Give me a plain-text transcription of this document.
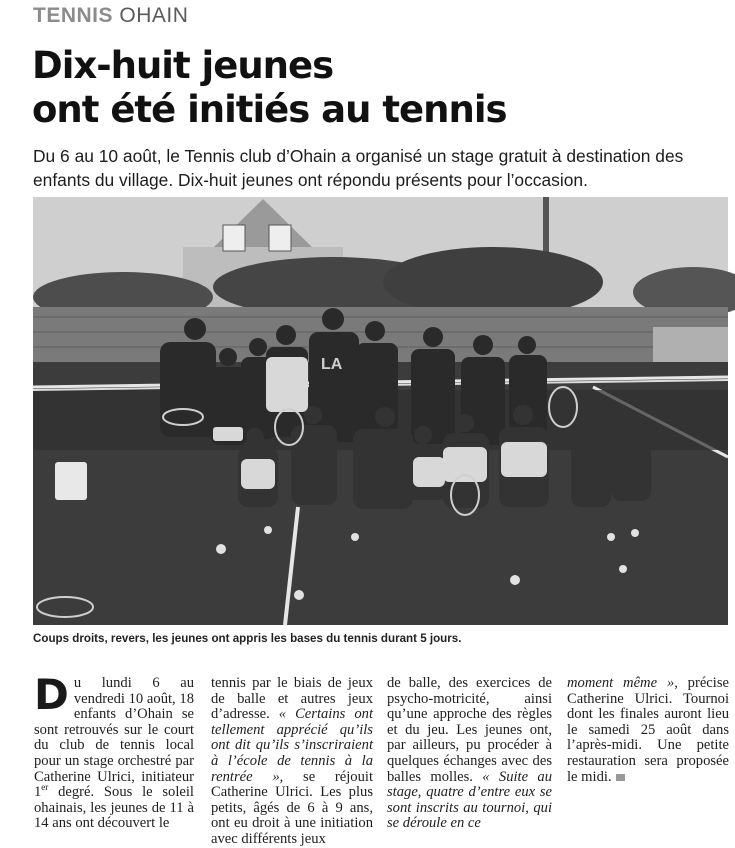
TENNIS OHAIN
Dix-huit jeunes
ont été initiés au tennis
Du 6 au 10 août, le Tennis club d’Ohain a organisé un stage gratuit à destination des enfants du village. Dix-huit jeunes ont répondu présents pour l’occasion.
LA
Coups droits, revers, les jeunes ont appris les bases du tennis durant 5 jours.
D u lundi 6 au vendredi 10 août, 18 enfants d’Ohain se sont retrouvés sur le court du club de tennis local pour un stage orchestré par Catherine Ulrici, initiateur 1er degré. Sous le soleil ohainais, les jeunes de 11 à 14 ans ont découvert le
tennis par le biais de jeux de balle et autres jeux d’adresse. « Certains ont tellement apprécié qu’ils ont dit qu’ils s’inscriraient à l’école de tennis à la rentrée », se réjouit Catherine Ulrici. Les plus petits, âgés de 6 à 9 ans, ont eu droit à une initiation avec différents jeux
de balle, des exercices de psycho-motricité, ainsi qu’une approche des règles et du jeu. Les jeunes ont, par ailleurs, pu procéder à quelques échanges avec des balles molles. « Suite au stage, quatre d’entre eux se sont inscrits au tournoi, qui se déroule en ce
moment même », précise Catherine Ulrici. Tournoi dont les finales auront lieu le samedi 25 août dans l’après-midi. Une petite restauration sera proposée le midi.
